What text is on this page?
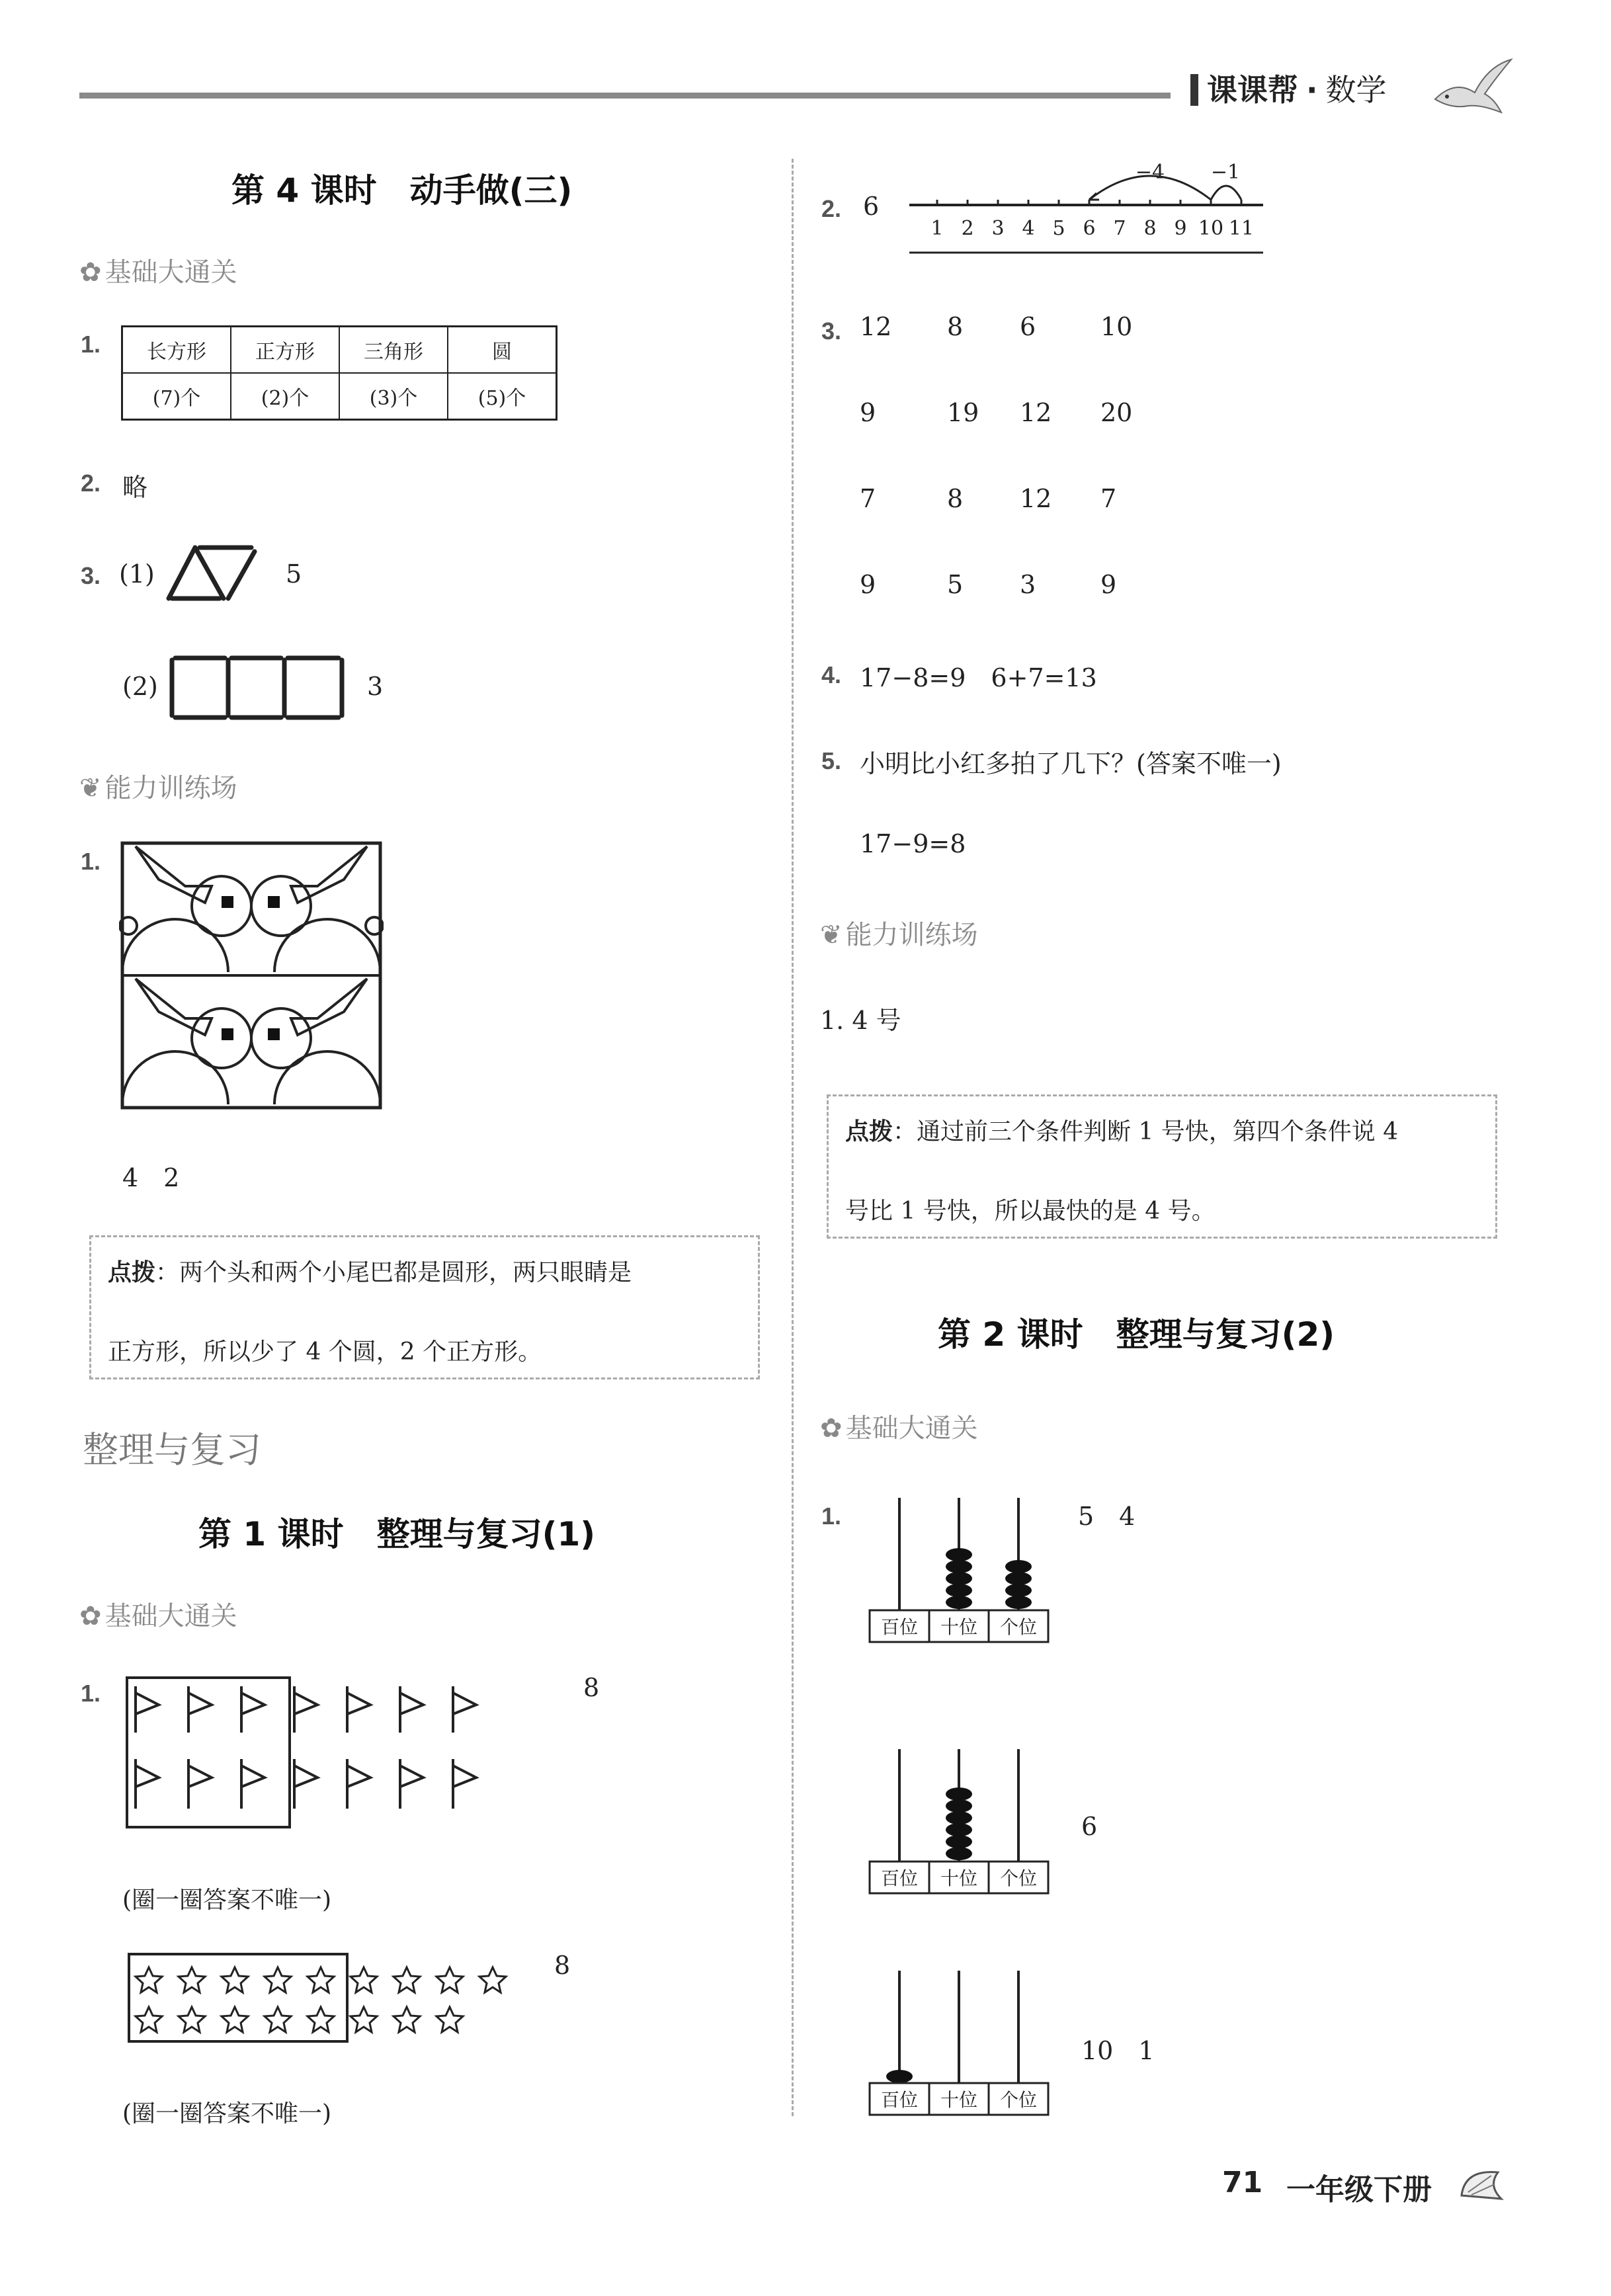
课课帮 · 数学
第 4 课时　动手做(三)
✿ 基础大通关
1. 长方形	正方形	三角形	圆
(7)个	(2)个	(3)个	(5)个
2. 略
3. (1)	5
(2)	3
❦ 能力训练场
1.
4　2
点拨：两个头和两个小尾巴都是圆形，两只眼睛是
正方形，所以少了 4 个圆，2 个正方形。
整理与复习
第 1 课时　整理与复习(1)
✿ 基础大通关
1.	8
(圈一圈答案不唯一)
8
(圈一圈答案不唯一)
2. 6
1 2 3 4 5 6 7 8 9 10 11
−4 −1
3. 12 8 6	10
9	19 12 20
7	8 12 7
9	5 3	9
4. 17−8=9　6+7=13
5. 小明比小红多拍了几下？(答案不唯一)
17−9=8
❦ 能力训练场
1. 4 号
点拨：通过前三个条件判断 1 号快，第四个条件说 4
号比 1 号快，所以最快的是 4 号。
第 2 课时　整理与复习(2)
✿ 基础大通关
1.
百位 十位 个位
5　4
百位 十位 个位
6
百位 十位 个位
10　1
71 一年级下册
